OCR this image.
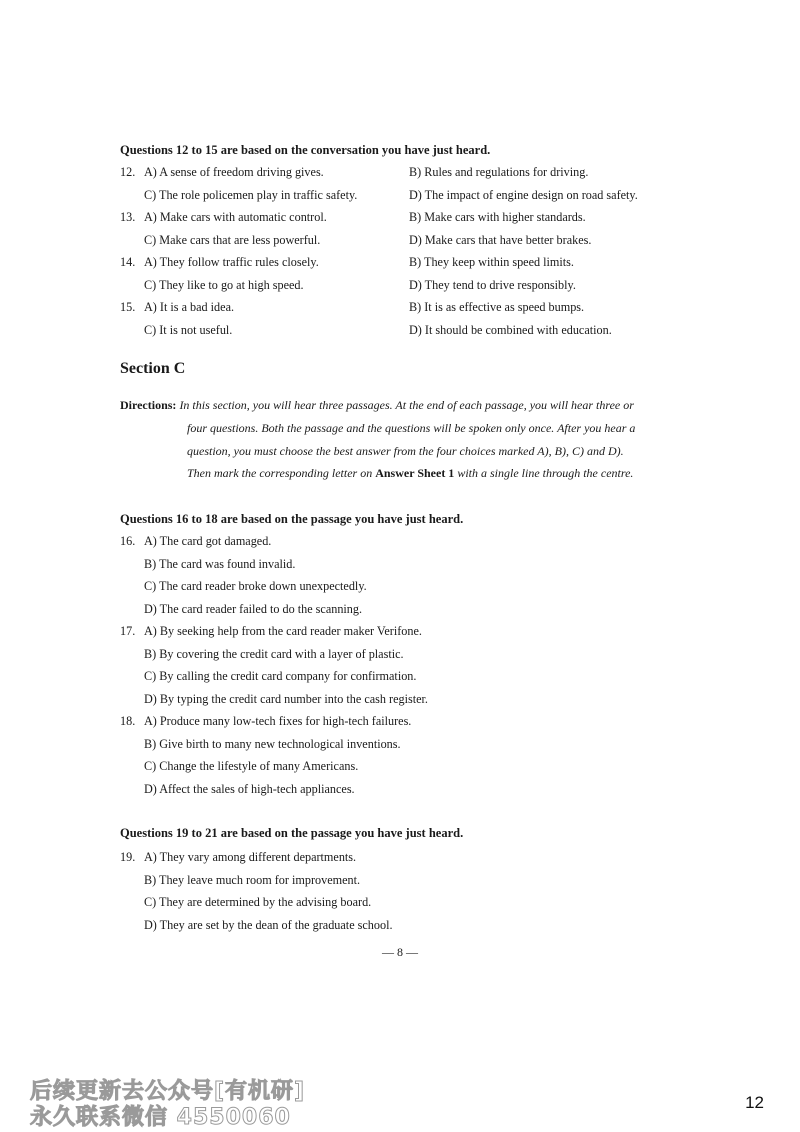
Questions 12 to 15 are based on the conversation you have just heard.
12. A) A sense of freedom driving gives.	B) Rules and regulations for driving.
C) The role policemen play in traffic safety.	D) The impact of engine design on road safety.
13. A) Make cars with automatic control.	B) Make cars with higher standards.
C) Make cars that are less powerful.	D) Make cars that have better brakes.
14. A) They follow traffic rules closely.	B) They keep within speed limits.
C) They like to go at high speed.	D) They tend to drive responsibly.
15. A) It is a bad idea.	B) It is as effective as speed bumps.
C) It is not useful.	D) It should be combined with education.
Section C
Directions: In this section, you will hear three passages. At the end of each passage, you will hear three or
four questions. Both the passage and the questions will be spoken only once. After you hear a
question, you must choose the best answer from the four choices marked A), B), C) and D).
Then mark the corresponding letter on Answer Sheet 1 with a single line through the centre.
Questions 16 to 18 are based on the passage you have just heard.
16. A) The card got damaged.
B) The card was found invalid.
C) The card reader broke down unexpectedly.
D) The card reader failed to do the scanning.
17. A) By seeking help from the card reader maker Verifone.
B) By covering the credit card with a layer of plastic.
C) By calling the credit card company for confirmation.
D) By typing the credit card number into the cash register.
18. A) Produce many low-tech fixes for high-tech failures.
B) Give birth to many new technological inventions.
C) Change the lifestyle of many Americans.
D) Affect the sales of high-tech appliances.
Questions 19 to 21 are based on the passage you have just heard.
19. A) They vary among different departments.
B) They leave much room for improvement.
C) They are determined by the advising board.
D) They are set by the dean of the graduate school.
— 8 —
后续更新去公众号[有机研]
永久联系微信 4550060
12
